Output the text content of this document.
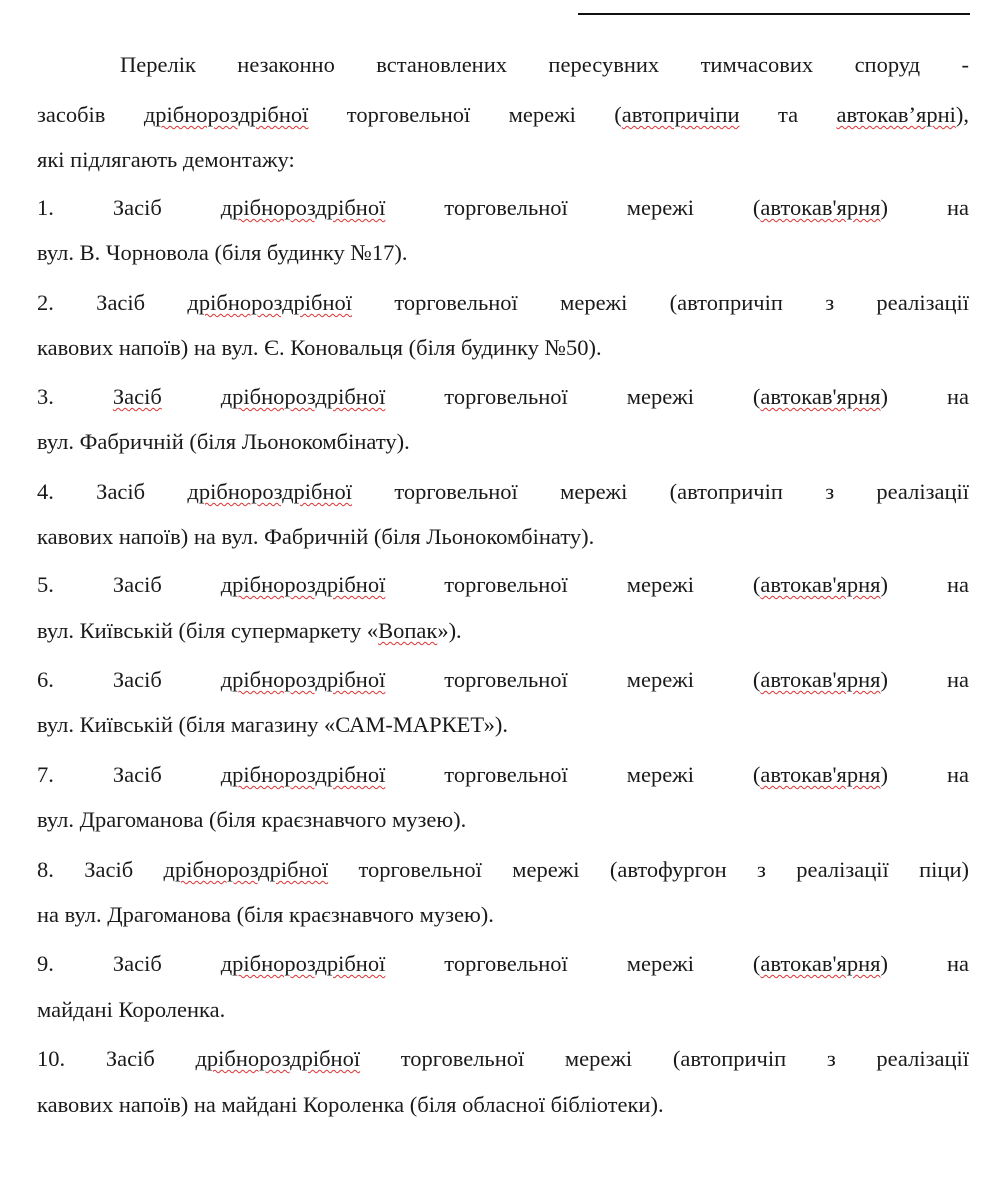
Перелік незаконно встановлених пересувних тимчасових споруд -
засобів дрібнороздрібної торговельної мережі (автопричіпи та автокав’ярні),
які підлягають демонтажу:
1.	Засіб дрібнороздрібної торговельної мережі (автокав'ярня) на
вул. В. Чорновола (біля будинку №17).
2. Засіб дрібнороздрібної торговельної мережі (автопричіп з реалізації
кавових напоїв) на вул. Є. Коновальця (біля будинку №50).
3.	Засіб	дрібнороздрібної торговельної мережі (автокав'ярня) на
вул. Фабричній (біля Льонокомбінату).
4. Засіб дрібнороздрібної торговельної мережі (автопричіп з реалізації
кавових напоїв) на вул. Фабричній (біля Льонокомбінату).
5.	Засіб дрібнороздрібної торговельної мережі (автокав'ярня) на
вул. Київській (біля супермаркету «Вопак»).
6.	Засіб дрібнороздрібної торговельної мережі (автокав'ярня) на
вул. Київській (біля магазину «САМ-МАРКЕТ»).
7.	Засіб дрібнороздрібної торговельної мережі (автокав'ярня) на
вул. Драгоманова (біля краєзнавчого музею).
8. Засіб дрібнороздрібної торговельної мережі (автофургон з реалізації піци)
на вул. Драгоманова (біля краєзнавчого музею).
9.	Засіб дрібнороздрібної торговельної мережі (автокав'ярня) на
майдані Короленка.
10. Засіб дрібнороздрібної торговельної мережі (автопричіп з реалізації
кавових напоїв) на майдані Короленка (біля обласної бібліотеки).
